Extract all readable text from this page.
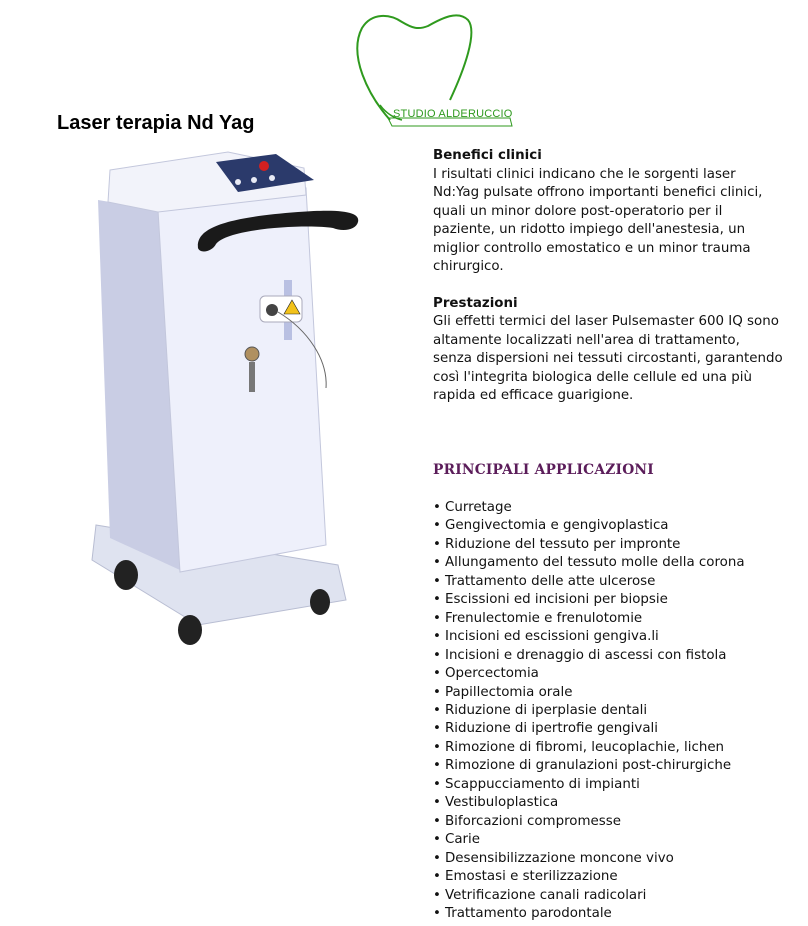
STUDIO ALDERUCCIO
Laser terapia Nd Yag
Benefici clinici

I risultati clinici indicano che le sorgenti laser Nd:Yag pulsate offrono importanti benefici clinici, quali un minor dolore post-operatorio per il paziente, un ridotto impiego dell'anestesia, un miglior controllo emostatico e un minor trauma chirurgico.

Prestazioni

Gli effetti termici del laser Pulsemaster 600 IQ sono altamente localizzati nell'area di trattamento, senza dispersioni nei tessuti circostanti, garantendo così l'integrita biologica delle cellule ed una più rapida ed efficace guarigione.

PRINCIPALI APPLICAZIONI
• Curretage
• Gengivectomia e gengivoplastica
• Riduzione del tessuto per impronte
• Allungamento del tessuto molle della corona
• Trattamento delle atte ulcerose
• Escissioni ed incisioni per biopsie
• Frenulectomie e frenulotomie
• Incisioni ed escissioni gengiva.li
• Incisioni e drenaggio di ascessi con fistola
• Opercectomia
• Papillectomia orale
• Riduzione di iperplasie dentali
• Riduzione di ipertrofie gengivali
• Rimozione di fibromi, leucoplachie, lichen
• Rimozione di granulazioni post-chirurgiche
• Scappucciamento di impianti
• Vestibuloplastica
• Biforcazioni compromesse
• Carie
• Desensibilizzazione moncone vivo
• Emostasi e sterilizzazione
• Vetrificazione canali radicolari
• Trattamento parodontale
